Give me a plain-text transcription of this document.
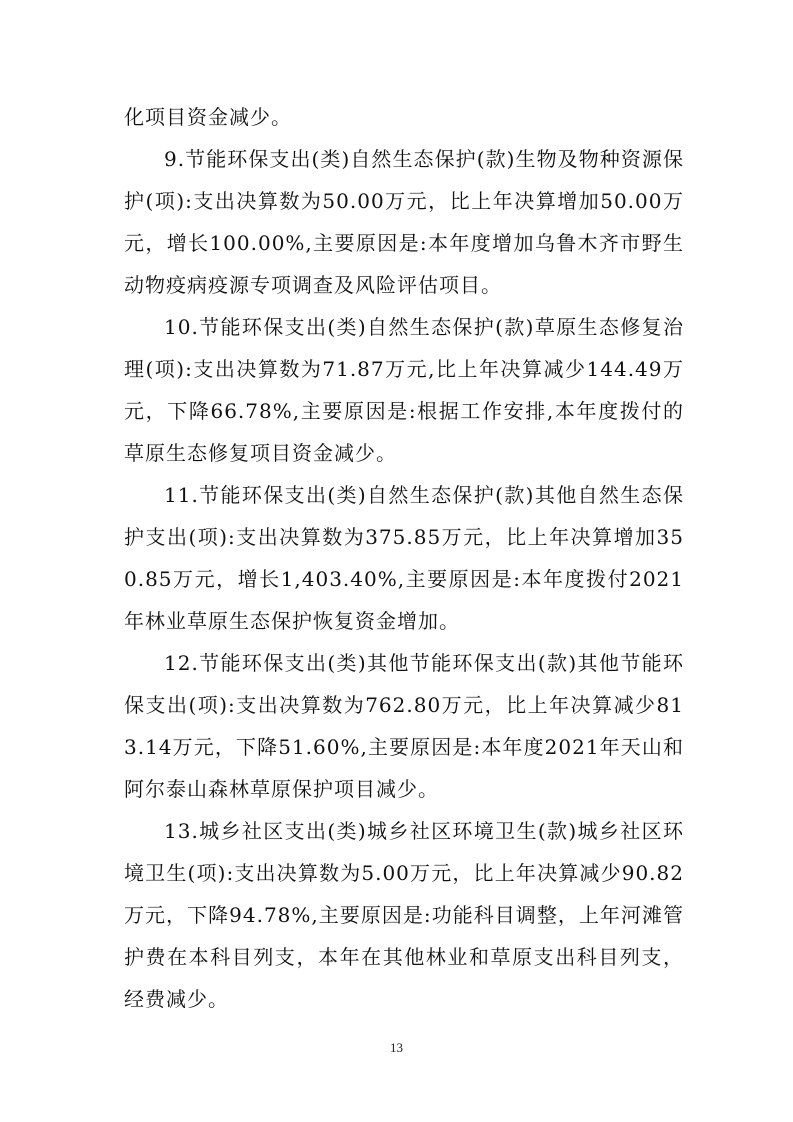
化项目资金减少。

9.节能环保支出(类)自然生态保护(款)生物及物种资源保护(项):支出决算数为50.00万元，比上年决算增加50.00万元，增长100.00%,主要原因是:本年度增加乌鲁木齐市野生动物疫病疫源专项调查及风险评估项目。

10.节能环保支出(类)自然生态保护(款)草原生态修复治理(项):支出决算数为71.87万元,比上年决算减少144.49万元，下降66.78%,主要原因是:根据工作安排,本年度拨付的草原生态修复项目资金减少。

11.节能环保支出(类)自然生态保护(款)其他自然生态保护支出(项):支出决算数为375.85万元，比上年决算增加350.85万元，增长1,403.40%,主要原因是:本年度拨付2021年林业草原生态保护恢复资金增加。

12.节能环保支出(类)其他节能环保支出(款)其他节能环保支出(项):支出决算数为762.80万元，比上年决算减少813.14万元，下降51.60%,主要原因是:本年度2021年天山和阿尔泰山森林草原保护项目减少。

13.城乡社区支出(类)城乡社区环境卫生(款)城乡社区环境卫生(项):支出决算数为5.00万元，比上年决算减少90.82万元，下降94.78%,主要原因是:功能科目调整，上年河滩管护费在本科目列支，本年在其他林业和草原支出科目列支，经费减少。

13
